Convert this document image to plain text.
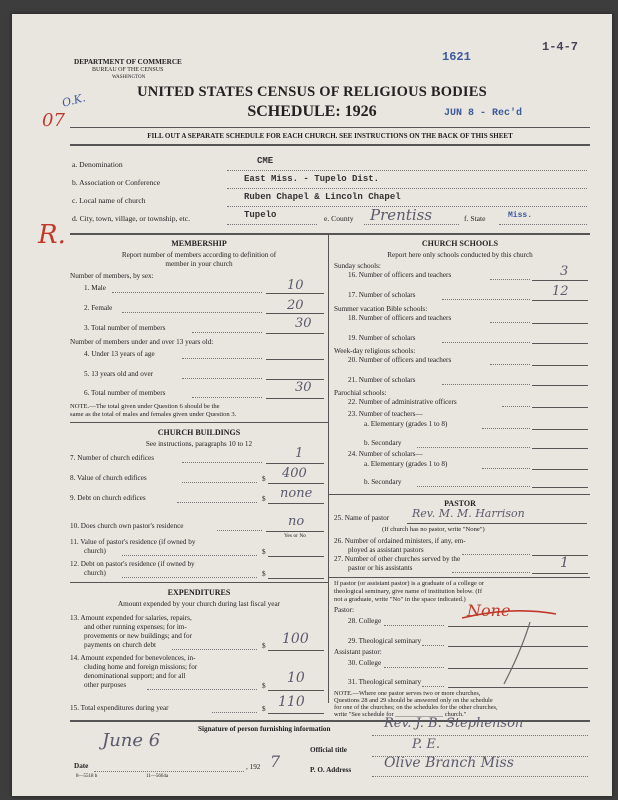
DEPARTMENT OF COMMERCE
BUREAU OF THE CENSUS
WASHINGTON
1621
1-4-7
UNITED STATES CENSUS OF RELIGIOUS BODIES
SCHEDULE: 1926	JUN 8 - Rec'd
O.K.
07
R.
FILL OUT A SEPARATE SCHEDULE FOR EACH CHURCH. SEE INSTRUCTIONS ON THE BACK OF THIS SHEET
a. Denomination	CME
b. Association or Conference	East Miss. - Tupelo Dist.
c. Local name of church	Ruben Chapel & Lincoln Chapel
d. City, town, village, or township, etc.	Tupelo	e. County Prentiss	f. State	Miss.
MEMBERSHIP
Report number of members according to definition of
member in your church
Number of members, by sex:
1. Male	10
2. Female	20
3. Total number of members	30
Number of members under and over 13 years old:
4. Under 13 years of age
5. 13 years old and over
6. Total number of members	30
NOTE.—The total given under Question 6 should be the
same as the total of males and females given under Question 3.
CHURCH BUILDINGS
See instructions, paragraphs 10 to 12
7. Number of church edifices	1
8. Value of church edifices	$ 400
9. Debt on church edifices	$ none
10. Does church own pastor's residence	no
Yes or No
11. Value of pastor's residence (if owned by
church)	$
12. Debt on pastor's residence (if owned by
church)	$
EXPENDITURES
Amount expended by your church during last fiscal year
13. Amount expended for salaries, repairs,
and other running expenses; for im-
provements or new buildings; and for
payments on church debt	$ 100
14. Amount expended for benevolences, in-
cluding home and foreign missions; for
denominational support; and for all
other purposes	$ 10
15. Total expenditures during year	$ 110
CHURCH SCHOOLS
Report here only schools conducted by this church
Sunday schools:
16. Number of officers and teachers	3
17. Number of scholars	12
Summer vacation Bible schools:
18. Number of officers and teachers
19. Number of scholars
Week-day religious schools:
20. Number of officers and teachers
21. Number of scholars
Parochial schools:
22. Number of administrative officers
23. Number of teachers—
a. Elementary (grades 1 to 8)
b. Secondary
24. Number of scholars—
a. Elementary (grades 1 to 8)
b. Secondary
PASTOR
25. Name of pastor Rev. M. M. Harrison
(If church has no pastor, write "None")
26. Number of ordained ministers, if any, em-
ployed as assistant pastors
27. Number of other churches served by the
pastor or his assistants	1
If pastor (or assistant pastor) is a graduate of a college or
theological seminary, give name of institution below. (If
not a graduate, write "No" in the space indicated.)
Pastor:
28. College
None
29. Theological seminary
Assistant pastor:
30. College
31. Theological seminary
NOTE.—Where one pastor serves two or more churches,
Questions 28 and 29 should be answered only on the schedule
for one of the churches; on the schedules for the other churches,
write "See schedule for _______________ church."
Signature of person furnishing information	Rev. J. B. Stephenson
June 6	Official title	P. E.
Date	, 192 7	P. O. Address Olive Branch Miss
8—5518 b	11—5664a
